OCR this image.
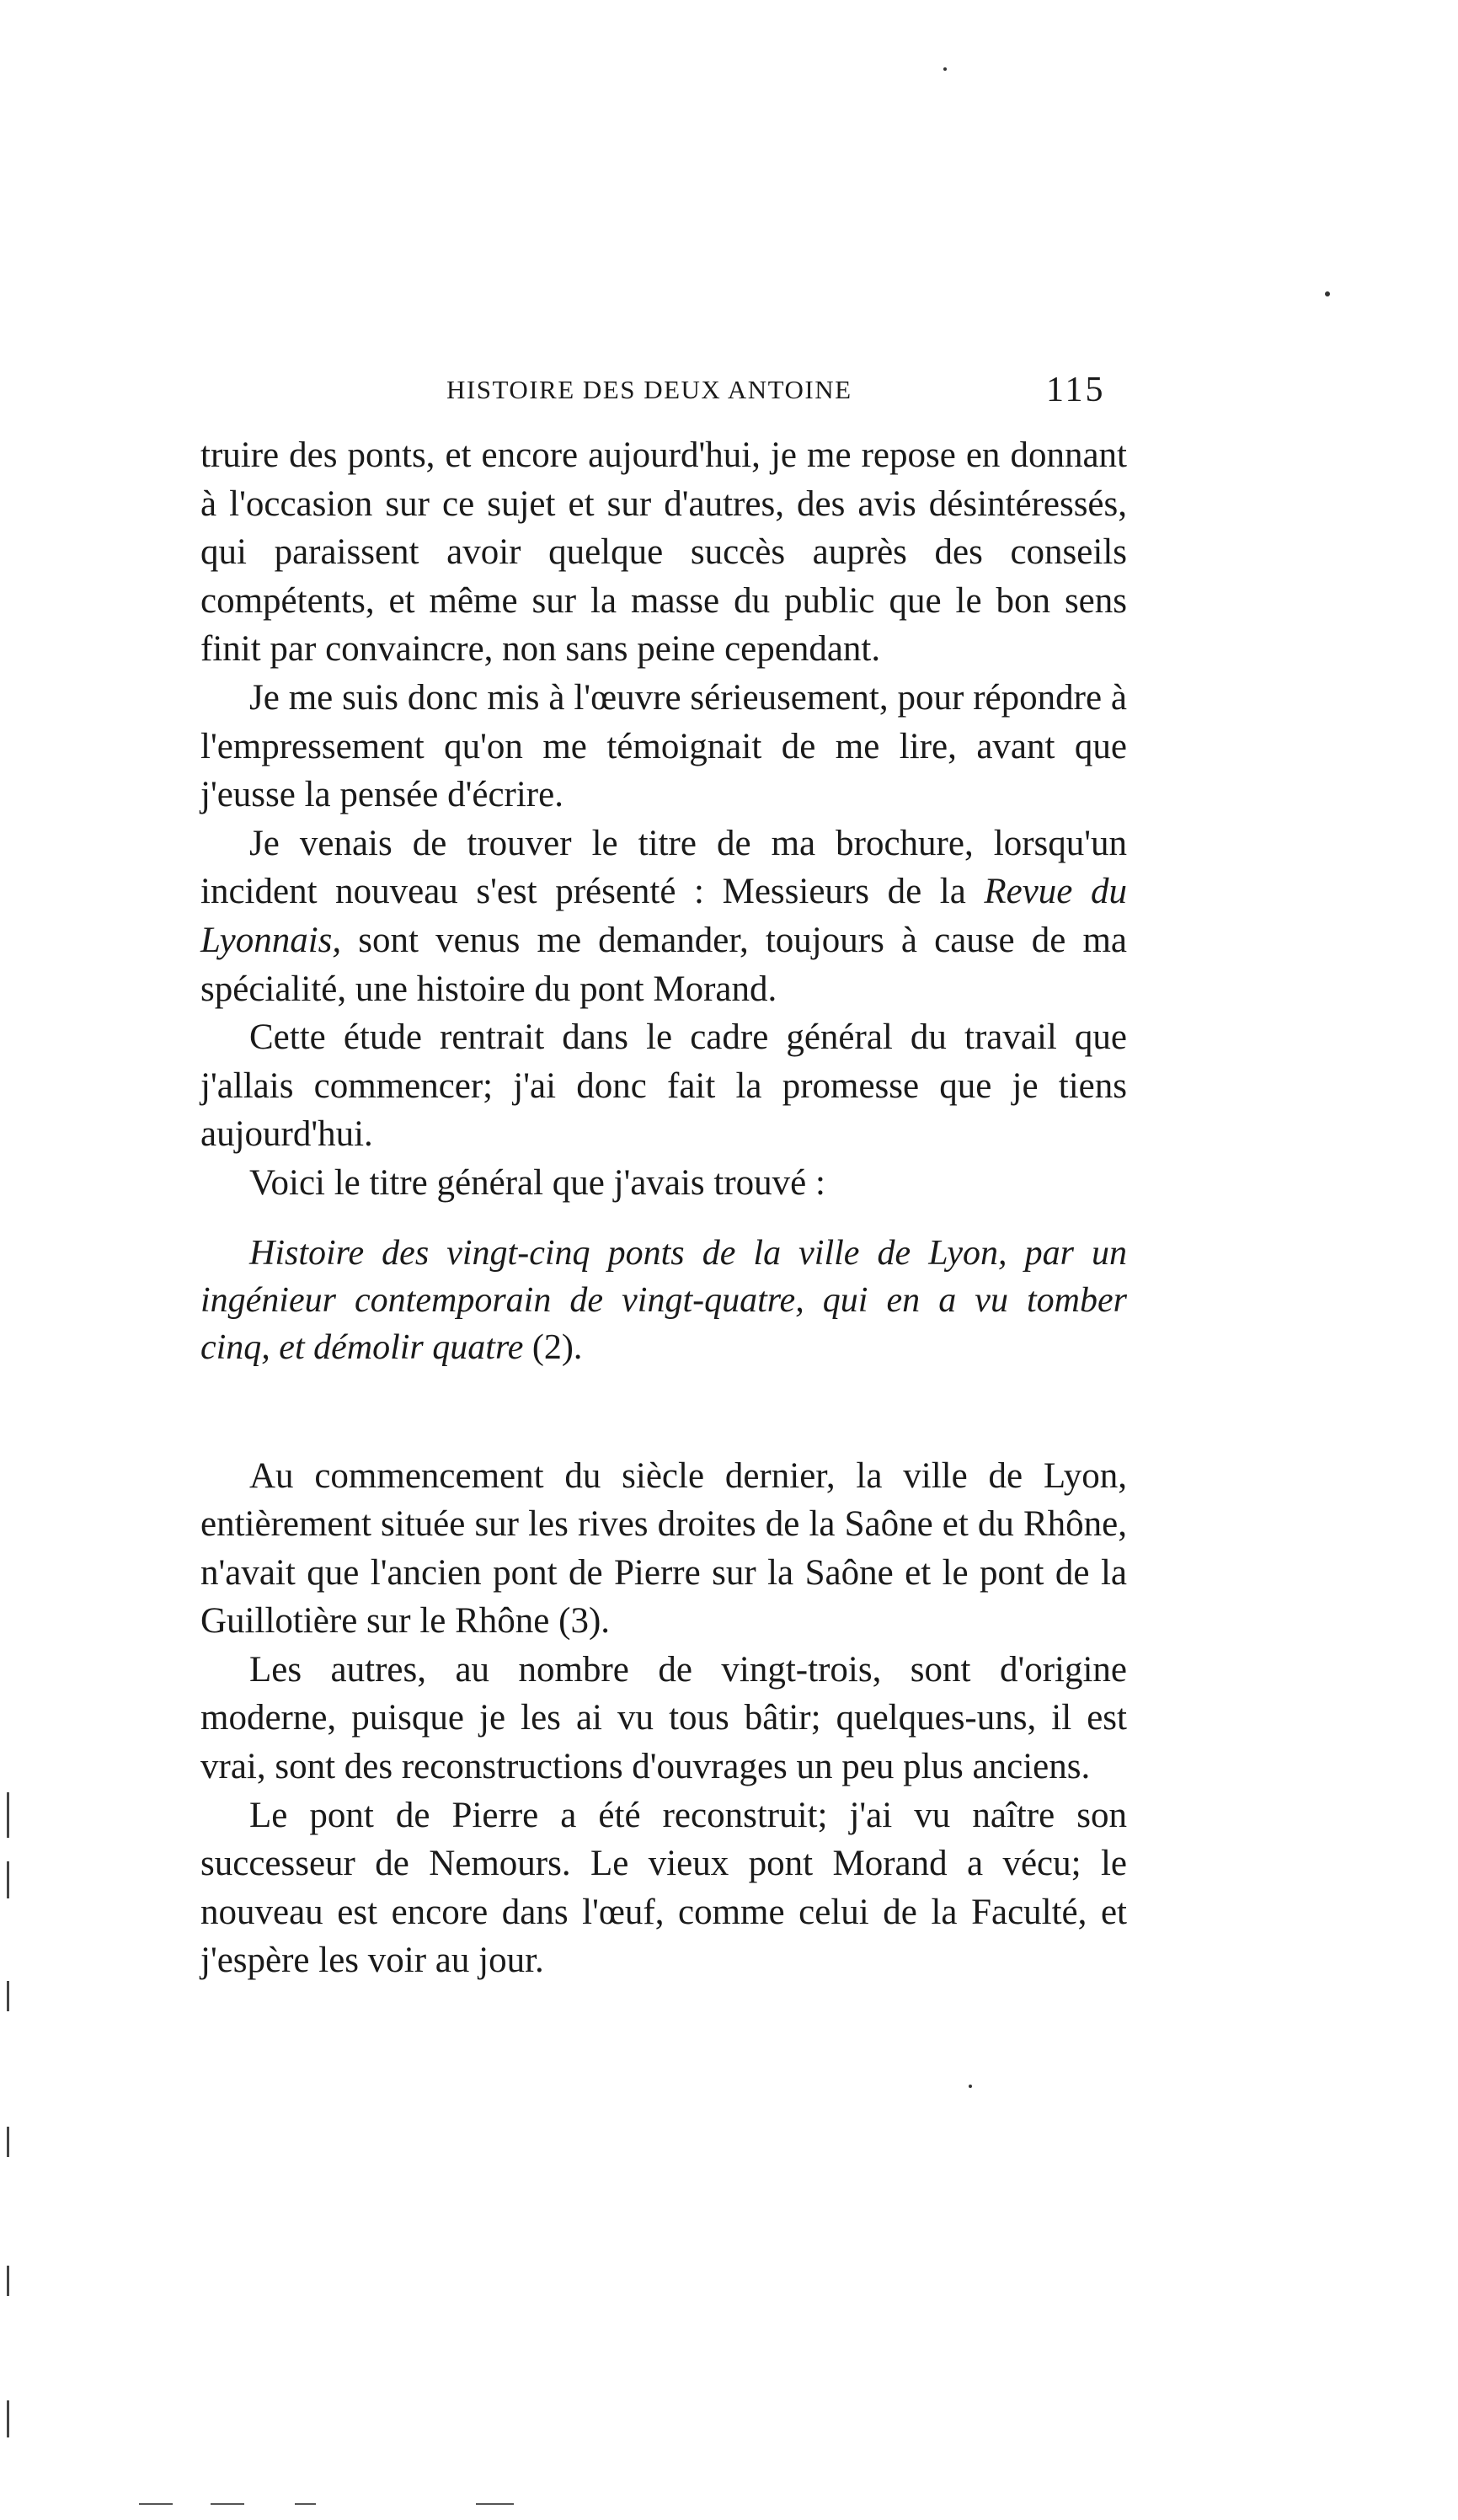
HISTOIRE DES DEUX ANTOINE	115

truire des ponts, et encore aujourd'hui, je me repose en donnant à l'occasion sur ce sujet et sur d'autres, des avis désintéressés, qui paraissent avoir quelque succès auprès des conseils compétents, et même sur la masse du public que le bon sens finit par convaincre, non sans peine cependant.

Je me suis donc mis à l'œuvre sérieusement, pour répondre à l'empressement qu'on me témoignait de me lire, avant que j'eusse la pensée d'écrire.

Je venais de trouver le titre de ma brochure, lorsqu'un incident nouveau s'est présenté : Messieurs de la Revue du Lyonnais, sont venus me demander, toujours à cause de ma spécialité, une histoire du pont Morand.

Cette étude rentrait dans le cadre général du travail que j'allais commencer; j'ai donc fait la promesse que je tiens aujourd'hui.

Voici le titre général que j'avais trouvé :

Histoire des vingt-cinq ponts de la ville de Lyon, par un ingénieur contemporain de vingt-quatre, qui en a vu tomber cinq, et démolir quatre (2).

Au commencement du siècle dernier, la ville de Lyon, entièrement située sur les rives droites de la Saône et du Rhône, n'avait que l'ancien pont de Pierre sur la Saône et le pont de la Guillotière sur le Rhône (3).

Les autres, au nombre de vingt-trois, sont d'origine moderne, puisque je les ai vu tous bâtir; quelques-uns, il est vrai, sont des reconstructions d'ouvrages un peu plus anciens.

Le pont de Pierre a été reconstruit; j'ai vu naître son successeur de Nemours. Le vieux pont Morand a vécu; le nouveau est encore dans l'œuf, comme celui de la Faculté, et j'espère les voir au jour.
